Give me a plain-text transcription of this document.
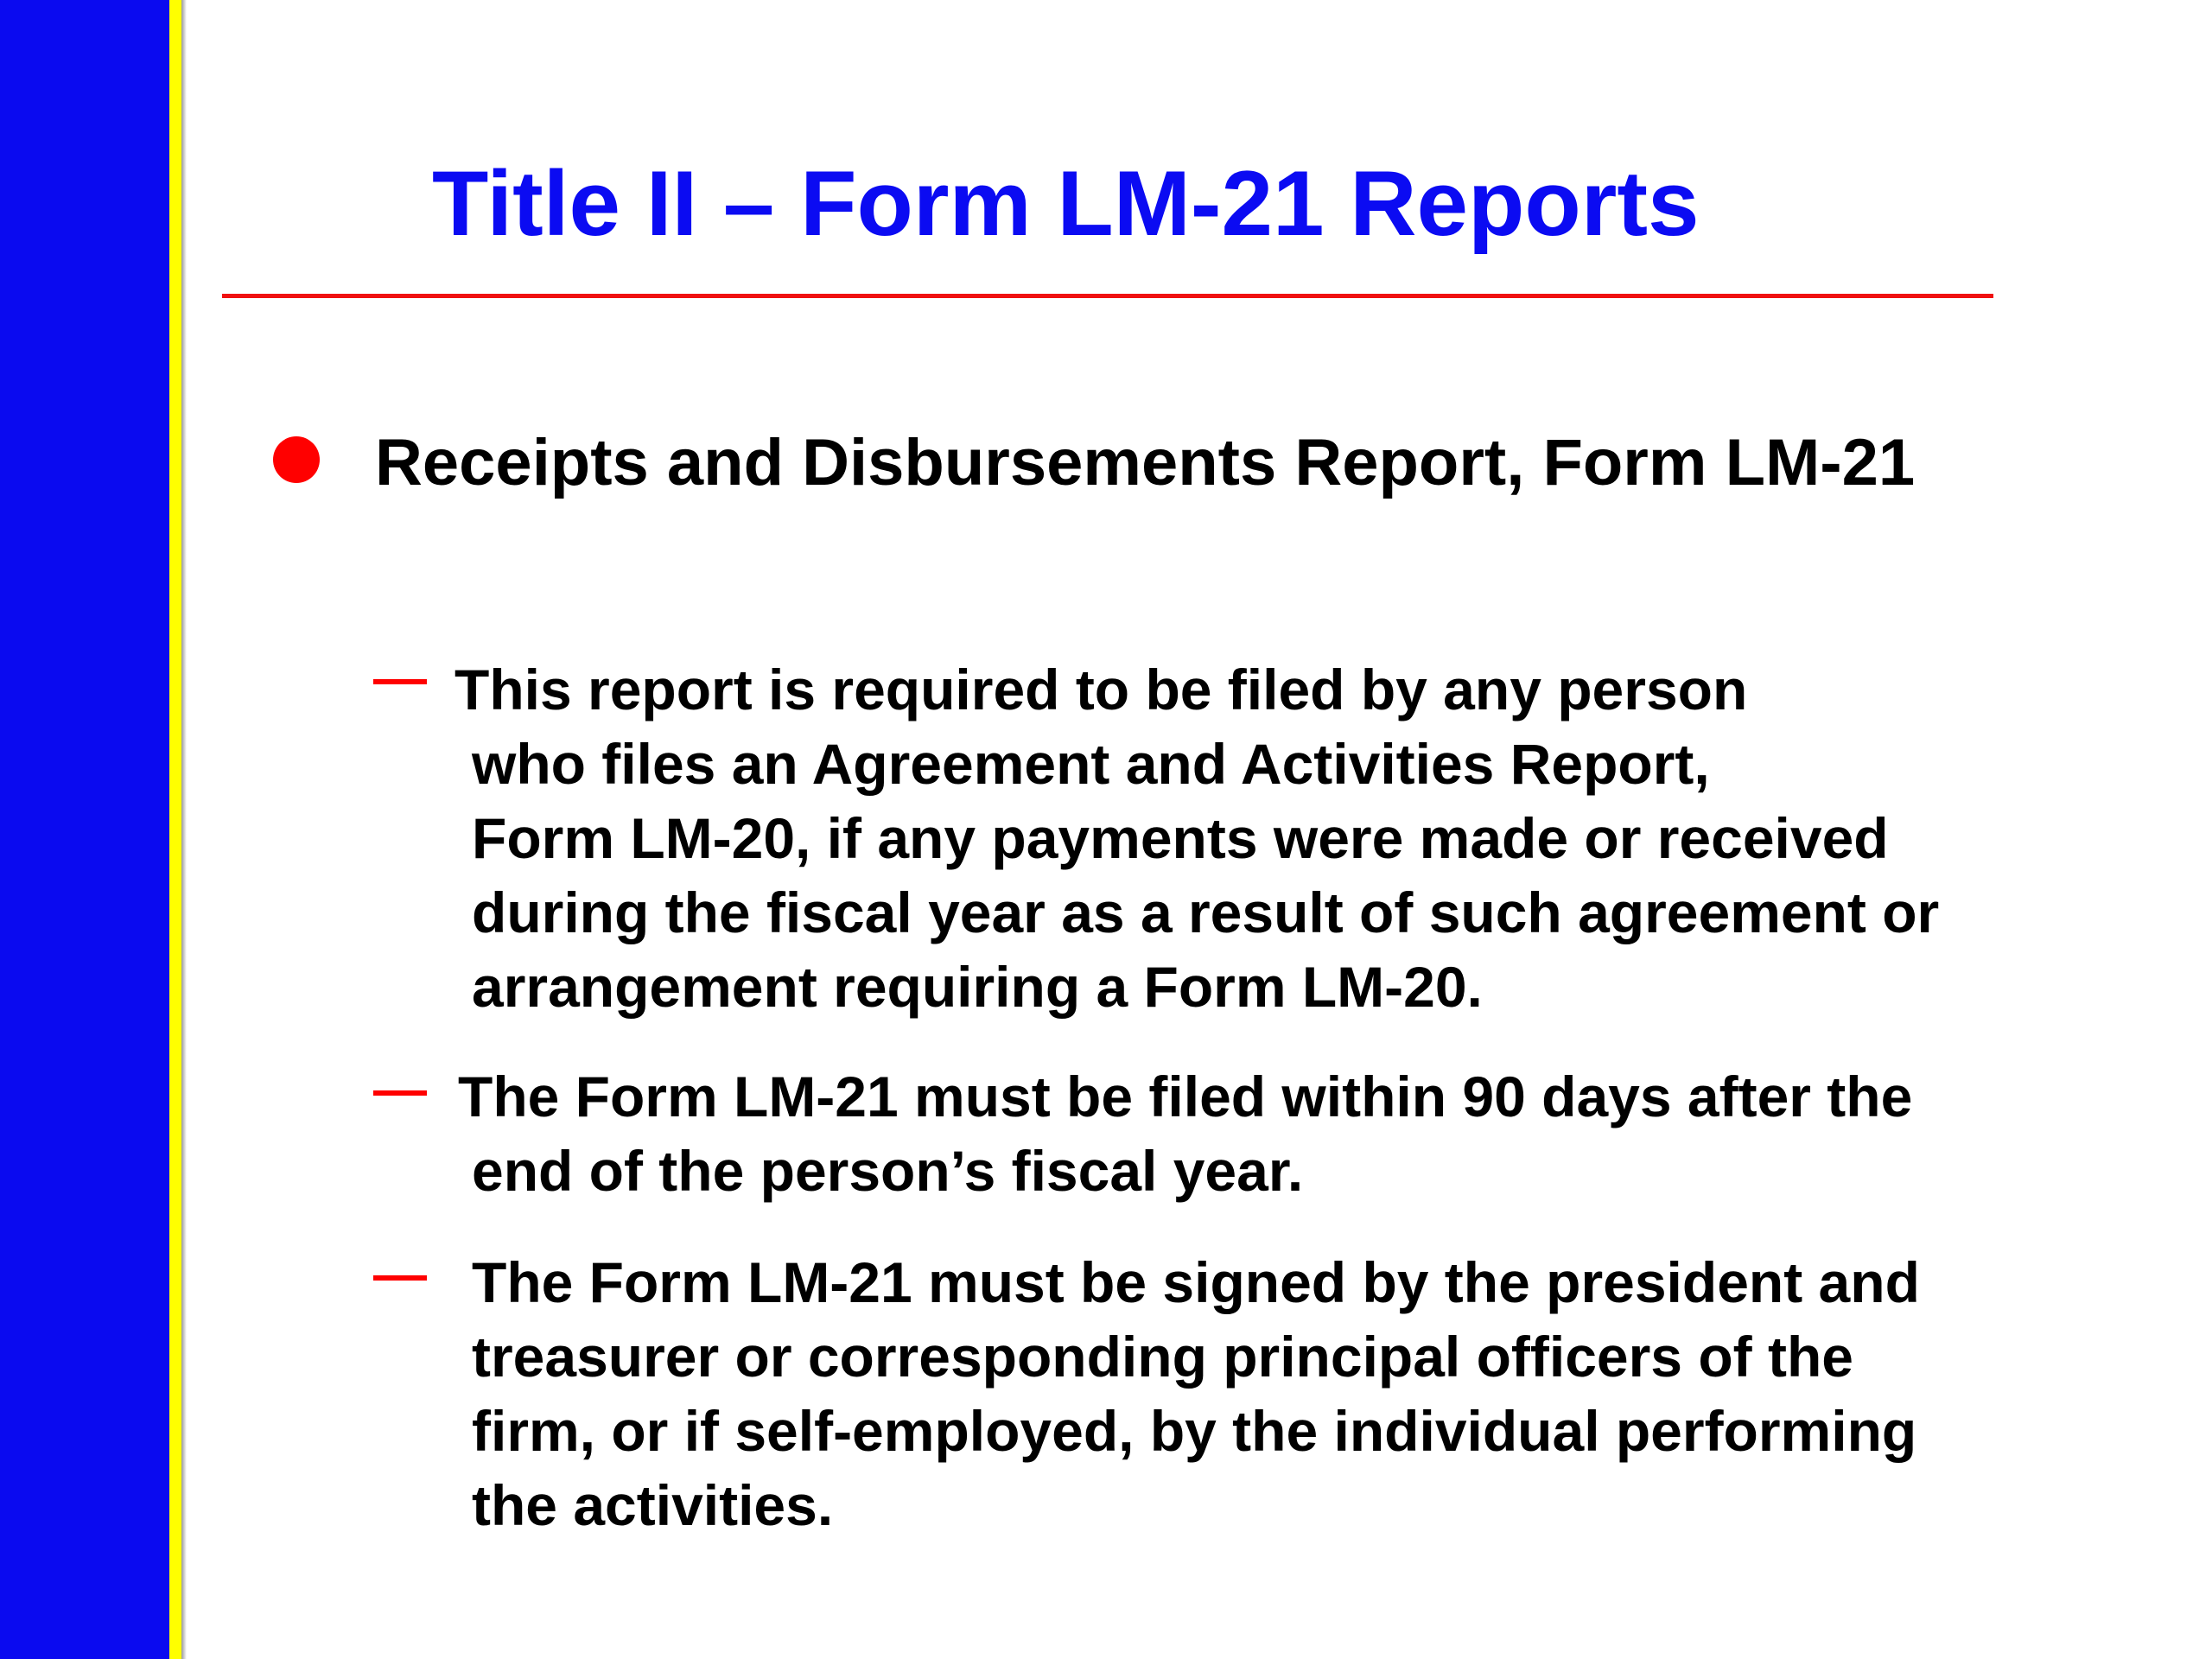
Title II – Form LM-21 Reports

Receipts and Disbursements Report, Form LM-21

This report is required to be filed by any person
who files an Agreement and Activities Report,
Form LM-20, if any payments were made or received
during the fiscal year as a result of such agreement or
arrangement requiring a Form LM-20.

The Form LM-21 must be filed within 90 days after the
end of the person’s fiscal year.

The Form LM-21 must be signed by the president and
treasurer or corresponding principal officers of the
firm, or if self-employed, by the individual performing
the activities.
